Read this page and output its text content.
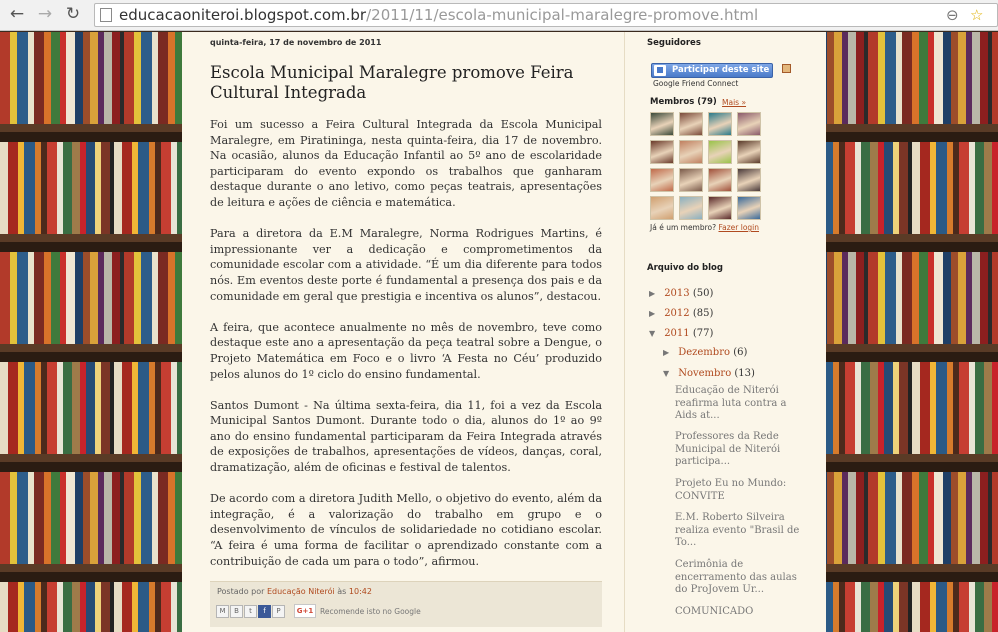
← → ↻	educacaoniteroi.blogspot.com.br/2011/11/escola-municipal-maralegre-promove.html	⊖ ☆
quinta-feira, 17 de novembro de 2011
Escola Municipal Maralegre promove Feira Cultural Integrada

Foi um sucesso a Feira Cultural Integrada da Escola Municipal Maralegre, em Piratininga, nesta quinta-feira, dia 17 de novembro. Na ocasião, alunos da Educação Infantil ao 5º ano de escolaridade participaram do evento expondo os trabalhos que ganharam destaque durante o ano letivo, como peças teatrais, apresentações de leitura e ações de ciência e matemática.

Para a diretora da E.M Maralegre, Norma Rodrigues Martins, é impressionante ver a dedicação e comprometimentos da comunidade escolar com a atividade. “É um dia diferente para todos nós. Em eventos deste porte é fundamental a presença dos pais e da comunidade em geral que prestigia e incentiva os alunos”, destacou.

A feira, que acontece anualmente no mês de novembro, teve como destaque este ano a apresentação da peça teatral sobre a Dengue, o Projeto Matemática em Foco e o livro ‘A Festa no Céu’ produzido pelos alunos do 1º ciclo do ensino fundamental.

Santos Dumont - Na última sexta-feira, dia 11, foi a vez da Escola Municipal Santos Dumont. Durante todo o dia, alunos do 1º ao 9º ano do ensino fundamental participaram da Feira Integrada através de exposições de trabalhos, apresentações de vídeos, danças, coral, dramatização, além de oficinas e festival de talentos.

De acordo com a diretora Judith Mello, o objetivo do evento, além da integração, é a valorização do trabalho em grupo e o desenvolvimento de vínculos de solidariedade no cotidiano escolar. “A feira é uma forma de facilitar o aprendizado constante com a contribuição de cada um para o todo”, afirmou.

Postado por Educação Niterói às 10:42
M	B	t	f	P	G+1 Recomende isto no Google
Seguidores
Participar deste site
Google Friend Connect
Membros (79) Mais »
Já é um membro? Fazer login
Arquivo do blog
▶ 2013 (50)
▶ 2012 (85)
▼ 2011 (77)
▶ Dezembro (6)
▼ Novembro (13)
Educação de Niterói reafirma luta contra a Aids at...
Professores da Rede Municipal de Niterói participa...
Projeto Eu no Mundo: CONVITE
E.M. Roberto Silveira realiza evento "Brasil de To...
Cerimônia de encerramento das aulas do ProJovem Ur...
COMUNICADO
